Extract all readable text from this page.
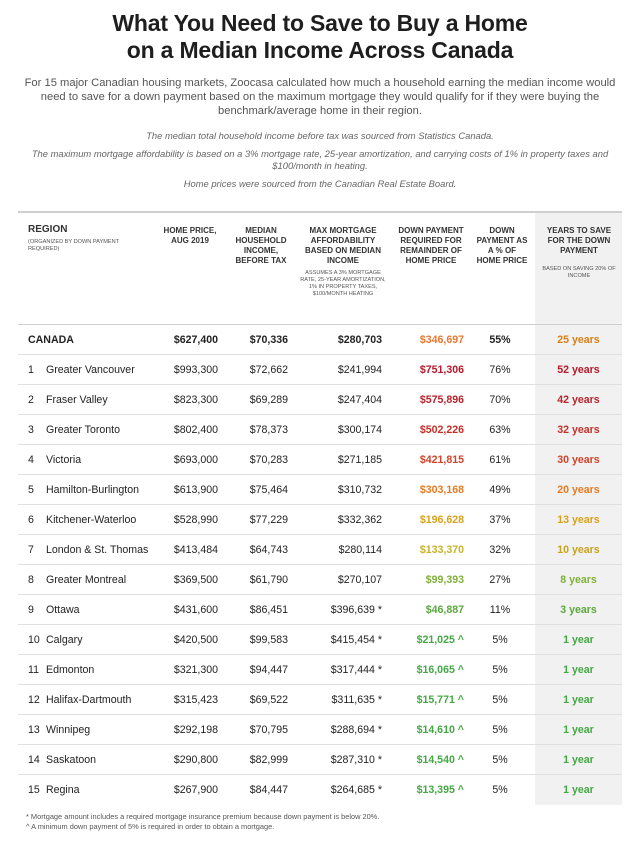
What You Need to Save to Buy a Home
on a Median Income Across Canada

For 15 major Canadian housing markets, Zoocasa calculated how much a household earning the median income would need to save for a down payment based on the maximum mortgage they would qualify for if they were buying the benchmark/average home in their region.

The median total household income before tax was sourced from Statistics Canada.

The maximum mortgage affordability is based on a 3% mortgage rate, 25-year amortization, and carrying costs of 1% in property taxes and $100/month in heating.

Home prices were sourced from the Canadian Real Estate Board.

REGION
(ORGANIZED BY DOWN PAYMENT REQUIRED)
HOME PRICE, AUG 2019
MEDIAN HOUSEHOLD INCOME, BEFORE TAX
MAX MORTGAGE AFFORDABILITY BASED ON MEDIAN INCOME
ASSUMES A 3% MORTGAGE RATE, 25-YEAR AMORTIZATION, 1% IN PROPERTY TAXES, $100/MONTH HEATING
DOWN PAYMENT REQUIRED FOR REMAINDER OF HOME PRICE
DOWN PAYMENT AS A % OF HOME PRICE
YEARS TO SAVE FOR THE DOWN PAYMENT
BASED ON SAVING 20% OF INCOME
CANADA	$627,400	$70,336	$280,703	$346,697	55%	25 years
1	Greater Vancouver	$993,300	$72,662	$241,994	$751,306	76%	52 years
2	Fraser Valley	$823,300	$69,289	$247,404	$575,896	70%	42 years
3	Greater Toronto	$802,400	$78,373	$300,174	$502,226	63%	32 years
4	Victoria	$693,000	$70,283	$271,185	$421,815	61%	30 years
5	Hamilton-Burlington	$613,900	$75,464	$310,732	$303,168	49%	20 years
6	Kitchener-Waterloo	$528,990	$77,229	$332,362	$196,628	37%	13 years
7	London & St. Thomas	$413,484	$64,743	$280,114	$133,370	32%	10 years
8	Greater Montreal	$369,500	$61,790	$270,107	$99,393	27%	8 years
9	Ottawa	$431,600	$86,451	$396,639 *	$46,887	11%	3 years
10 Calgary	$420,500	$99,583	$415,454 *	$21,025 ^	5%	1 year
11 Edmonton	$321,300	$94,447	$317,444 *	$16,065 ^	5%	1 year
12 Halifax-Dartmouth	$315,423	$69,522	$311,635 *	$15,771 ^	5%	1 year
13 Winnipeg	$292,198	$70,795	$288,694 *	$14,610 ^	5%	1 year
14 Saskatoon	$290,800	$82,999	$287,310 *	$14,540 ^	5%	1 year
15 Regina	$267,900	$84,447	$264,685 *	$13,395 ^	5%	1 year
* Mortgage amount includes a required mortgage insurance premium because down payment is below 20%.
^ A minimum down payment of 5% is required in order to obtain a mortgage.
